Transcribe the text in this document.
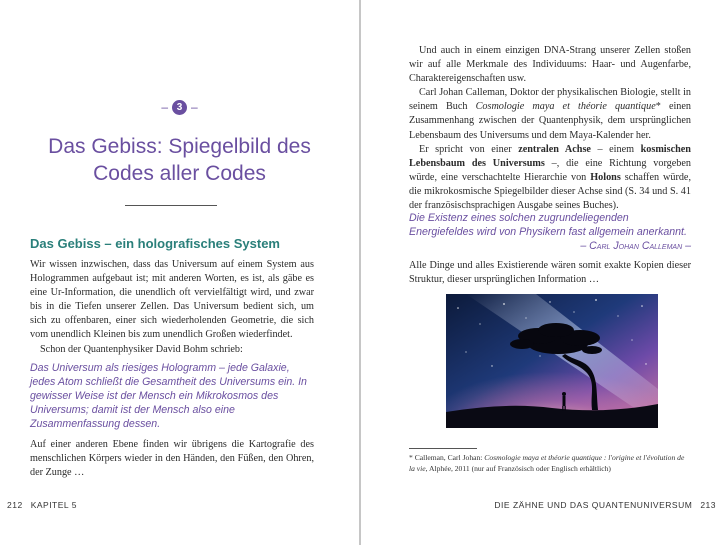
– 3 –
Das Gebiss: Spiegelbild des
Codes aller Codes
Das Gebiss – ein holografisches System
Wir wissen inzwischen, dass das Universum auf einem System aus Hologrammen aufgebaut ist; mit anderen Worten, es ist, als gäbe es eine Ur-Information, die unendlich oft vervielfältigt wird, und zwar bis in die Tiefen unserer Zellen. Das Universum bedient sich, um sich zu offenbaren, einer sich wiederholenden Geometrie, die sich vom unendlich Kleinen bis zum unendlich Großen wiederfindet.
Schon der Quantenphysiker David Bohm schrieb:
Das Universum als riesiges Hologramm – jede Galaxie, jedes Atom schließt die Gesamtheit des Universums ein. In gewisser Weise ist der Mensch ein Mikrokosmos des Universums; damit ist der Mensch also eine Zusammenfassung dessen.
Auf einer anderen Ebene finden wir übrigens die Kartografie des menschlichen Körpers wieder in den Händen, den Füßen, den Ohren, der Zunge …
212 KAPITEL 5

Und auch in einem einzigen DNA-Strang unserer Zellen stoßen wir auf alle Merkmale des Individuums: Haar- und Augenfarbe, Charaktereigenschaften usw.

Carl Johan Calleman, Doktor der physikalischen Biologie, stellt in seinem Buch Cosmologie maya et théorie quantique* einen Zusammenhang zwischen der Quantenphysik, dem ursprünglichen Lebensbaum des Universums und dem Maya-Kalender her.

Er spricht von einer zentralen Achse – einem kosmischen Lebensbaum des Universums –, die eine Richtung vorgeben würde, eine verschachtelte Hierarchie von Holons schaffen würde, die mikrokosmische Spiegelbilder dieser Achse sind (S. 34 und S. 41 der französischsprachigen Ausgabe seines Buches).

Die Existenz eines solchen zugrundeliegenden Energiefeldes wird von Physikern fast allgemein anerkannt.
– Carl Johan Calleman –
Alle Dinge und alles Existierende wären somit exakte Kopien dieser Struktur, dieser ursprünglichen Information …
* Calleman, Carl Johan: Cosmologie maya et théorie quantique : l'origine et l'évolution de la vie, Alphée, 2011 (nur auf Französisch oder Englisch erhältlich)
DIE ZÄHNE UND DAS QUANTENUNIVERSUM 213
